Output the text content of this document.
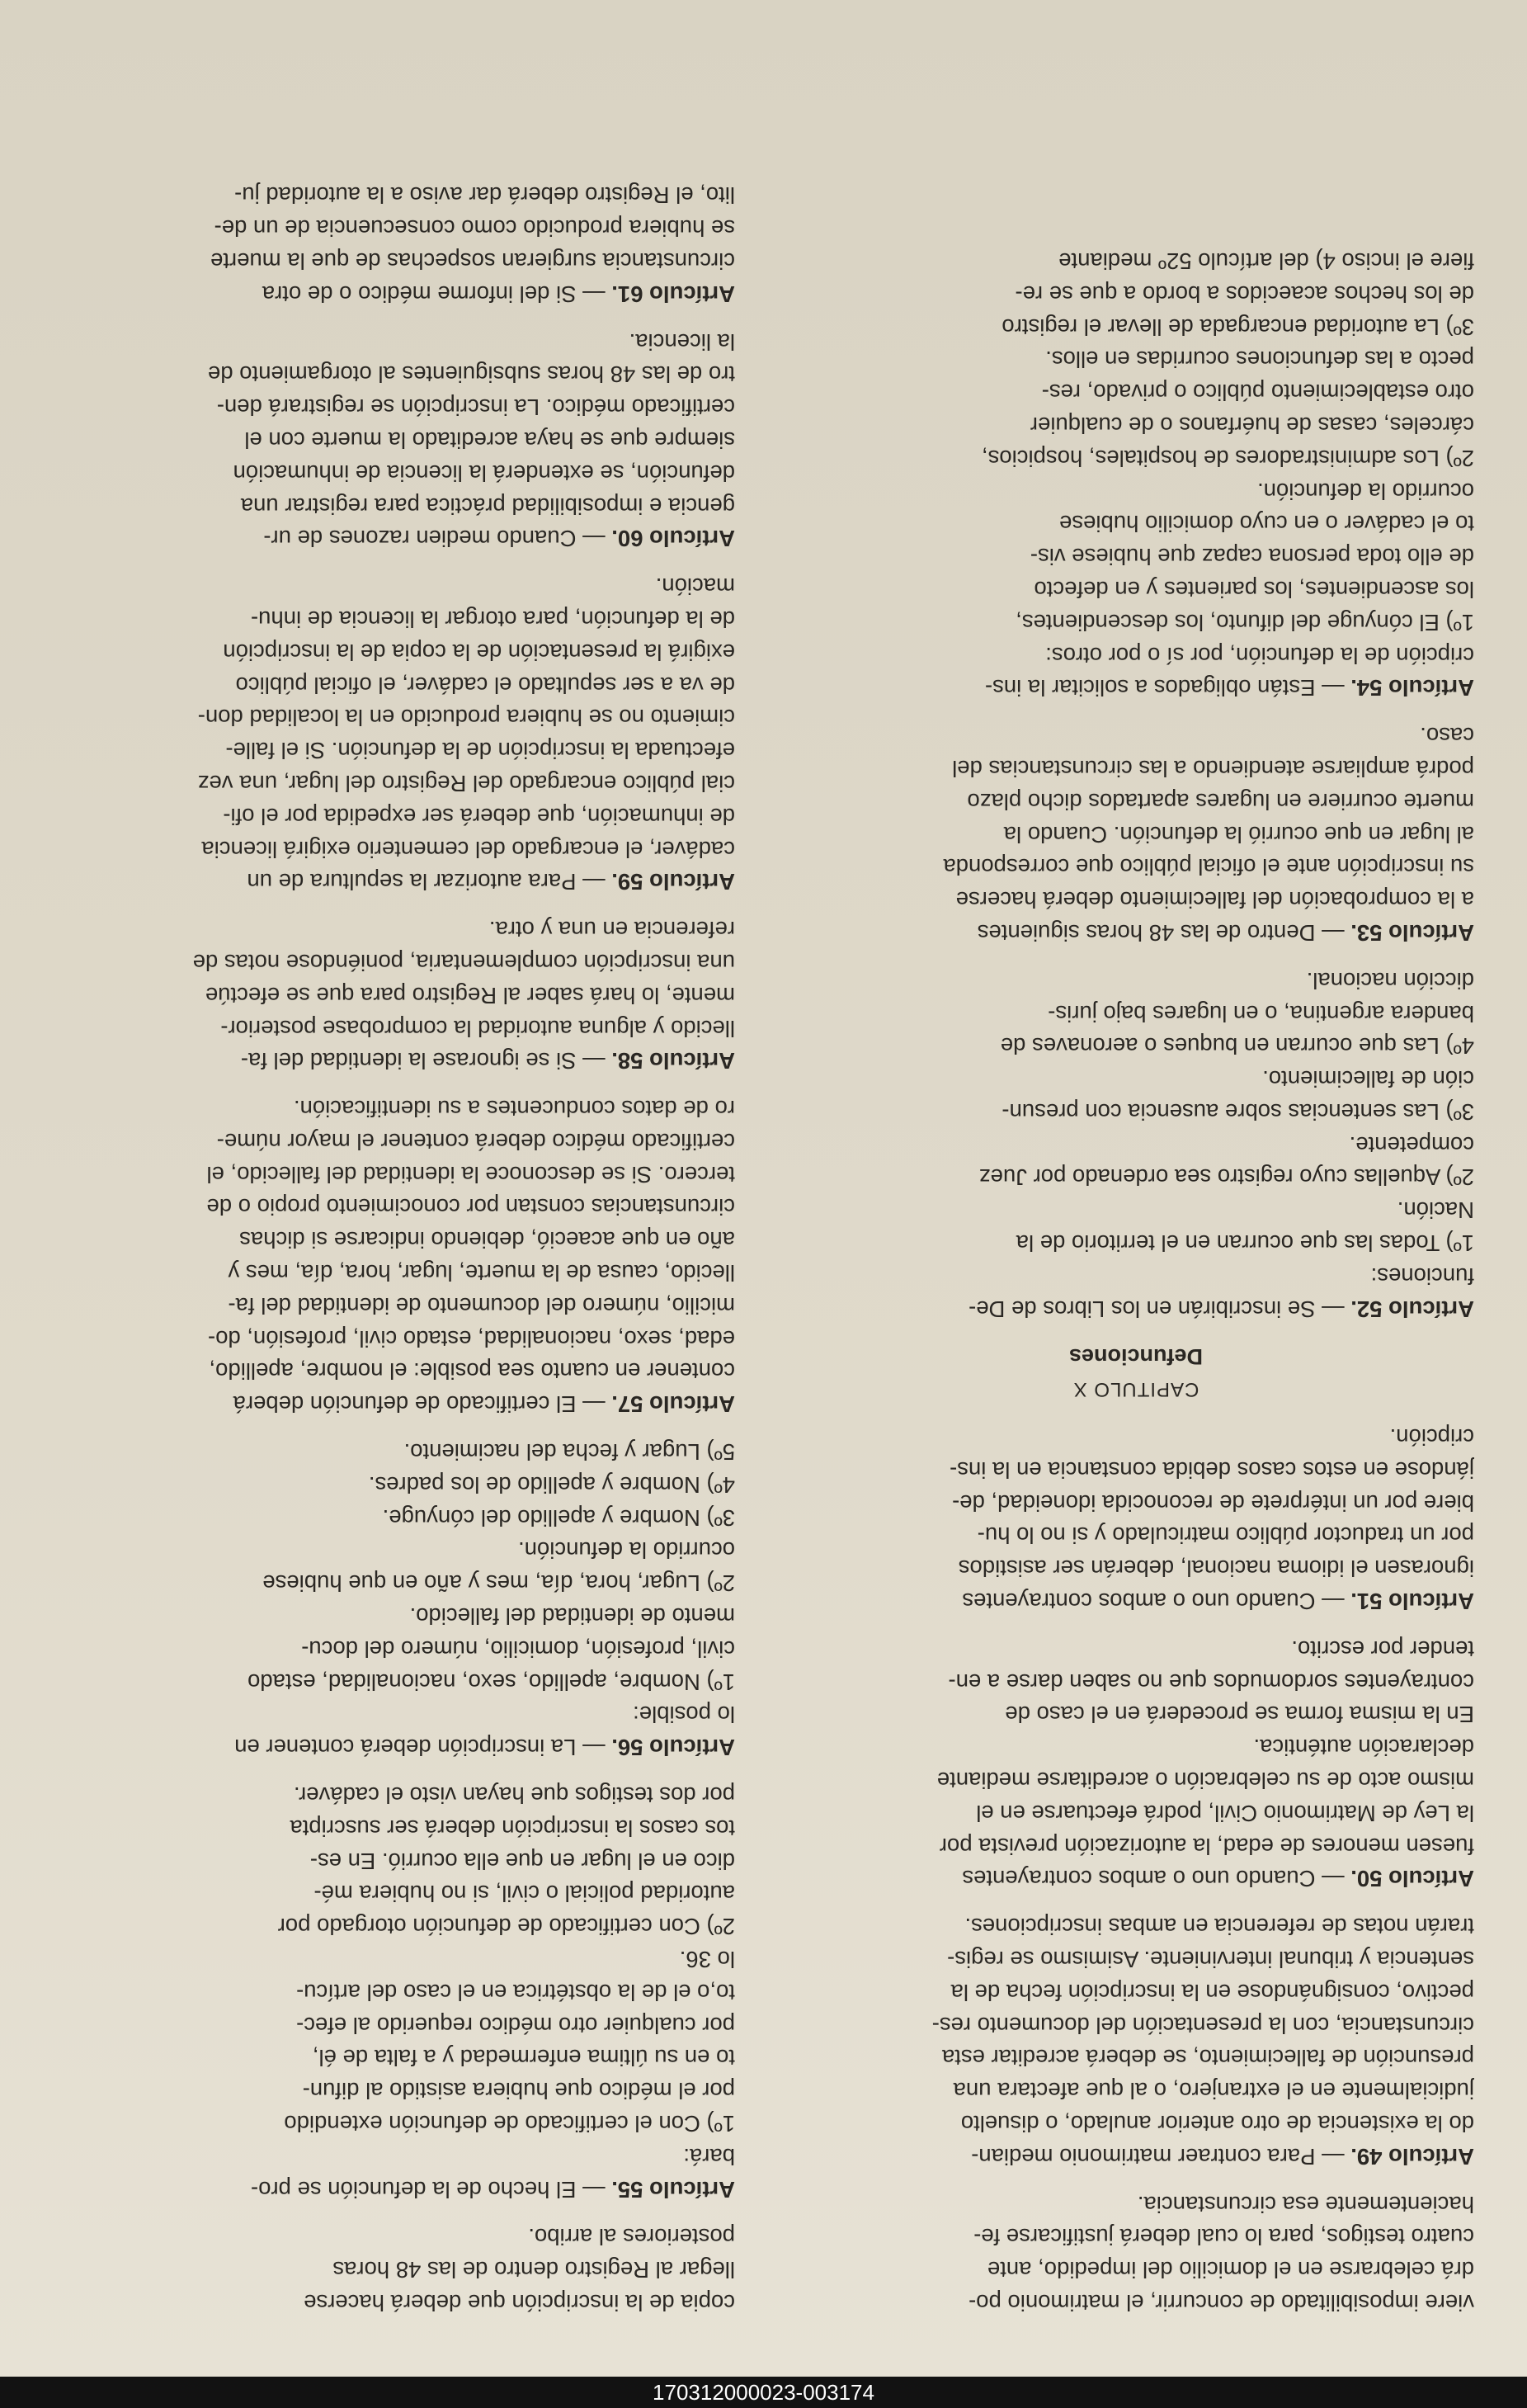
viere imposibilitado de concurrir, el matrimonio po-
drá celebrarse en el domicilio del impedido, ante
cuatro testigos, para lo cual deberá justificarse fe-
hacientemente esa circunstancia.
Artículo 49. — Para contraer matrimonio median-
do la existencia de otro anterior anulado, o disuelto
judicialmente en el extranjero, o al que afectara una
presunción de fallecimiento, se deberá acreditar esta
circunstancia, con la presentación del documento res-
pectivo, consignándose en la inscripción fecha de la
sentencia y tribunal interviniente. Asimismo se regis-
trarán notas de referencia en ambas inscripciones.
Artículo 50. — Cuando uno o ambos contrayentes
fuesen menores de edad, la autorización prevista por
la Ley de Matrimonio Civil, podrá efectuarse en el
mismo acto de su celebración o acreditarse mediante
declaración auténtica.
En la misma forma se procederá en el caso de
contrayentes sordomudos que no saben darse a en-
tender por escrito.
Artículo 51. — Cuando uno o ambos contrayentes
ignorasen el idioma nacional, deberán ser asistidos
por un traductor público matriculado y si no lo hu-
biere por un intérprete de reconocida idoneidad, de-
jándose en estos casos debida constancia en la ins-
cripción.
CAPITULO X
Defunciones
Artículo 52. — Se inscribirán en los Libros de De-
funciones:
1º) Todas las que ocurran en el territorio de la
Nación.
2º) Aquellas cuyo registro sea ordenado por Juez
competente.
3º) Las sentencias sobre ausencia con presun-
ción de fallecimiento.
4º) Las que ocurran en buques o aeronaves de
bandera argentina, o en lugares bajo juris-
dicción nacional.
Artículo 53. — Dentro de las 48 horas siguientes
a la comprobación del fallecimiento deberá hacerse
su inscripción ante el oficial público que corresponda
al lugar en que ocurrió la defunción. Cuando la
muerte ocurriere en lugares apartados dicho plazo
podrá ampliarse atendiendo a las circunstancias del
caso.
Artículo 54. — Están obligados a solicitar la ins-
cripción de la defunción, por sí o por otros:
1º) El cónyuge del difunto, los descendientes,
los ascendientes, los parientes y en defecto
de ello toda persona capaz que hubiese vis-
to el cadáver o en cuyo domicilio hubiese
ocurrido la defunción.
2º) Los administradores de hospitales, hospicios,
cárceles, casas de huérfanos o de cualquier
otro establecimiento público o privado, res-
pecto a las defunciones ocurridas en ellos.
3º) La autoridad encargada de llevar el registro
de los hechos acaecidos a bordo a que se re-
fiere el inciso 4) del artículo 52º mediante
copia de la inscripción que deberá hacerse
llegar al Registro dentro de las 48 horas
posteriores al arribo.
Artículo 55. — El hecho de la defunción se pro-
bará:
1º) Con el certificado de defunción extendido
por el médico que hubiera asistido al difun-
to en su última enfermedad y a falta de él,
por cualquier otro médico requerido al efec-
to,o el de la obstétrica en el caso del artícu-
lo 36.
2º) Con certificado de defunción otorgado por
autoridad policial o civil, si no hubiera mé-
dico en el lugar en que ella ocurrió. En es-
tos casos la inscripción deberá ser suscripta
por dos testigos que hayan visto el cadáver.
Artículo 56. — La inscripción deberá contener en
lo posible:
1º) Nombre, apellido, sexo, nacionalidad, estado
civil, profesión, domicilio, número del docu-
mento de identidad del fallecido.
2º) Lugar, hora, día, mes y año en que hubiese
ocurrido la defunción.
3º) Nombre y apellido del cónyuge.
4º) Nombre y apellido de los padres.
5º) Lugar y fecha del nacimiento.
Artículo 57. — El certificado de defunción deberá
contener en cuanto sea posible: el nombre, apellido,
edad, sexo, nacionalidad, estado civil, profesión, do-
micilio, número del documento de identidad del fa-
llecido, causa de la muerte, lugar, hora, día, mes y
año en que acaeció, debiendo indicarse si dichas
circunstancias constan por conocimiento propio o de
tercero. Si se desconoce la identidad del fallecido, el
certificado médico deberá contener el mayor núme-
ro de datos conducentes a su identificación.
Artículo 58. — Si se ignorase la identidad del fa-
llecido y alguna autoridad la comprobase posterior-
mente, lo hará saber al Registro para que se efectúe
una inscripción complementaria, poniéndose notas de
referencia en una y otra.
Artículo 59. — Para autorizar la sepultura de un
cadáver, el encargado del cementerio exigirá licencia
de inhumación, que deberá ser expedida por el ofi-
cial público encargado del Registro del lugar, una vez
efectuada la inscripción de la defunción. Si el falle-
cimiento no se hubiera producido en la localidad don-
de va a ser sepultado el cadáver, el oficial público
exigirá la presentación de la copia de la inscripción
de la defunción, para otorgar la licencia de inhu-
mación.
Artículo 60. — Cuando medien razones de ur-
gencia e imposibilidad práctica para registrar una
defunción, se extenderá la licencia de inhumación
siempre que se haya acreditado la muerte con el
certificado médico. La inscripción se registrará den-
tro de las 48 horas subsiguientes al otorgamiento de
la licencia.
Artículo 61. — Si del informe médico o de otra
circunstancia surgieran sospechas de que la muerte
se hubiera producido como consecuencia de un de-
lito, el Registro deberá dar aviso a la autoridad ju-
170312000023-003174
